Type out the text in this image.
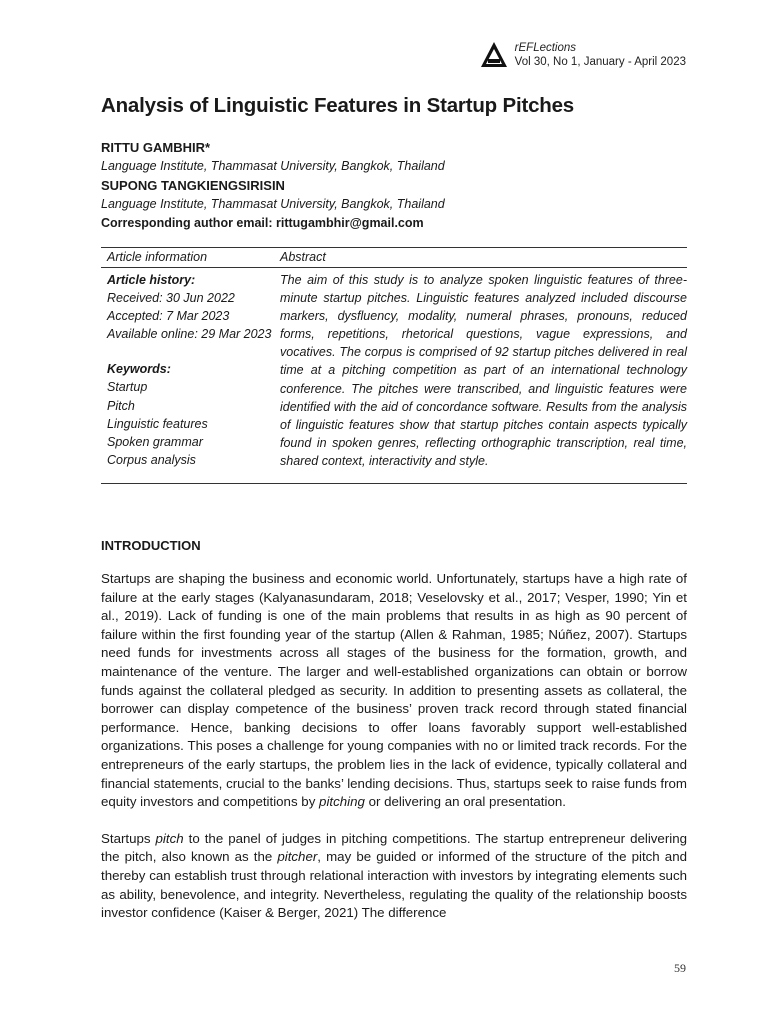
rEFLections
Vol 30, No 1, January - April 2023
Analysis of Linguistic Features in Startup Pitches
RITTU GAMBHIR*
Language Institute, Thammasat University, Bangkok, Thailand
SUPONG TANGKIENGSIRISIN
Language Institute, Thammasat University, Bangkok, Thailand
Corresponding author email: rittugambhir@gmail.com
Article information	Abstract
Article history:
Received: 30 Jun 2022
Accepted: 7 Mar 2023
Available online: 29 Mar 2023
Keywords:
Startup
Pitch
Linguistic features
Spoken grammar
Corpus analysis
The aim of this study is to analyze spoken linguistic features of three-minute startup pitches. Linguistic features analyzed included discourse markers, dysfluency, modality, numeral phrases, pronouns, reduced forms, repetitions, rhetorical questions, vague expressions, and vocatives. The corpus is comprised of 92 startup pitches delivered in real time at a pitching competition as part of an international technology conference. The pitches were transcribed, and linguistic features were identified with the aid of concordance software. Results from the analysis of linguistic features show that startup pitches contain aspects typically found in spoken genres, reflecting orthographic transcription, real time, shared context, interactivity and style.
INTRODUCTION

Startups are shaping the business and economic world. Unfortunately, startups have a high rate of failure at the early stages (Kalyanasundaram, 2018; Veselovsky et al., 2017; Vesper, 1990; Yin et al., 2019). Lack of funding is one of the main problems that results in as high as 90 percent of failure within the first founding year of the startup (Allen & Rahman, 1985; Núñez, 2007). Startups need funds for investments across all stages of the business for the formation, growth, and maintenance of the venture. The larger and well-established organizations can obtain or borrow funds against the collateral pledged as security. In addition to presenting assets as collateral, the borrower can display competence of the business’ proven track record through stated financial performance. Hence, banking decisions to offer loans favorably support well-established organizations. This poses a challenge for young companies with no or limited track records. For the entrepreneurs of the early startups, the problem lies in the lack of evidence, typically collateral and financial statements, crucial to the banks’ lending decisions. Thus, startups seek to raise funds from equity investors and competitions by pitching or delivering an oral presentation.

Startups pitch to the panel of judges in pitching competitions. The startup entrepreneur delivering the pitch, also known as the pitcher, may be guided or informed of the structure of the pitch and thereby can establish trust through relational interaction with investors by integrating elements such as ability, benevolence, and integrity. Nevertheless, regulating the quality of the relationship boosts investor confidence (Kaiser & Berger, 2021) The difference

59
